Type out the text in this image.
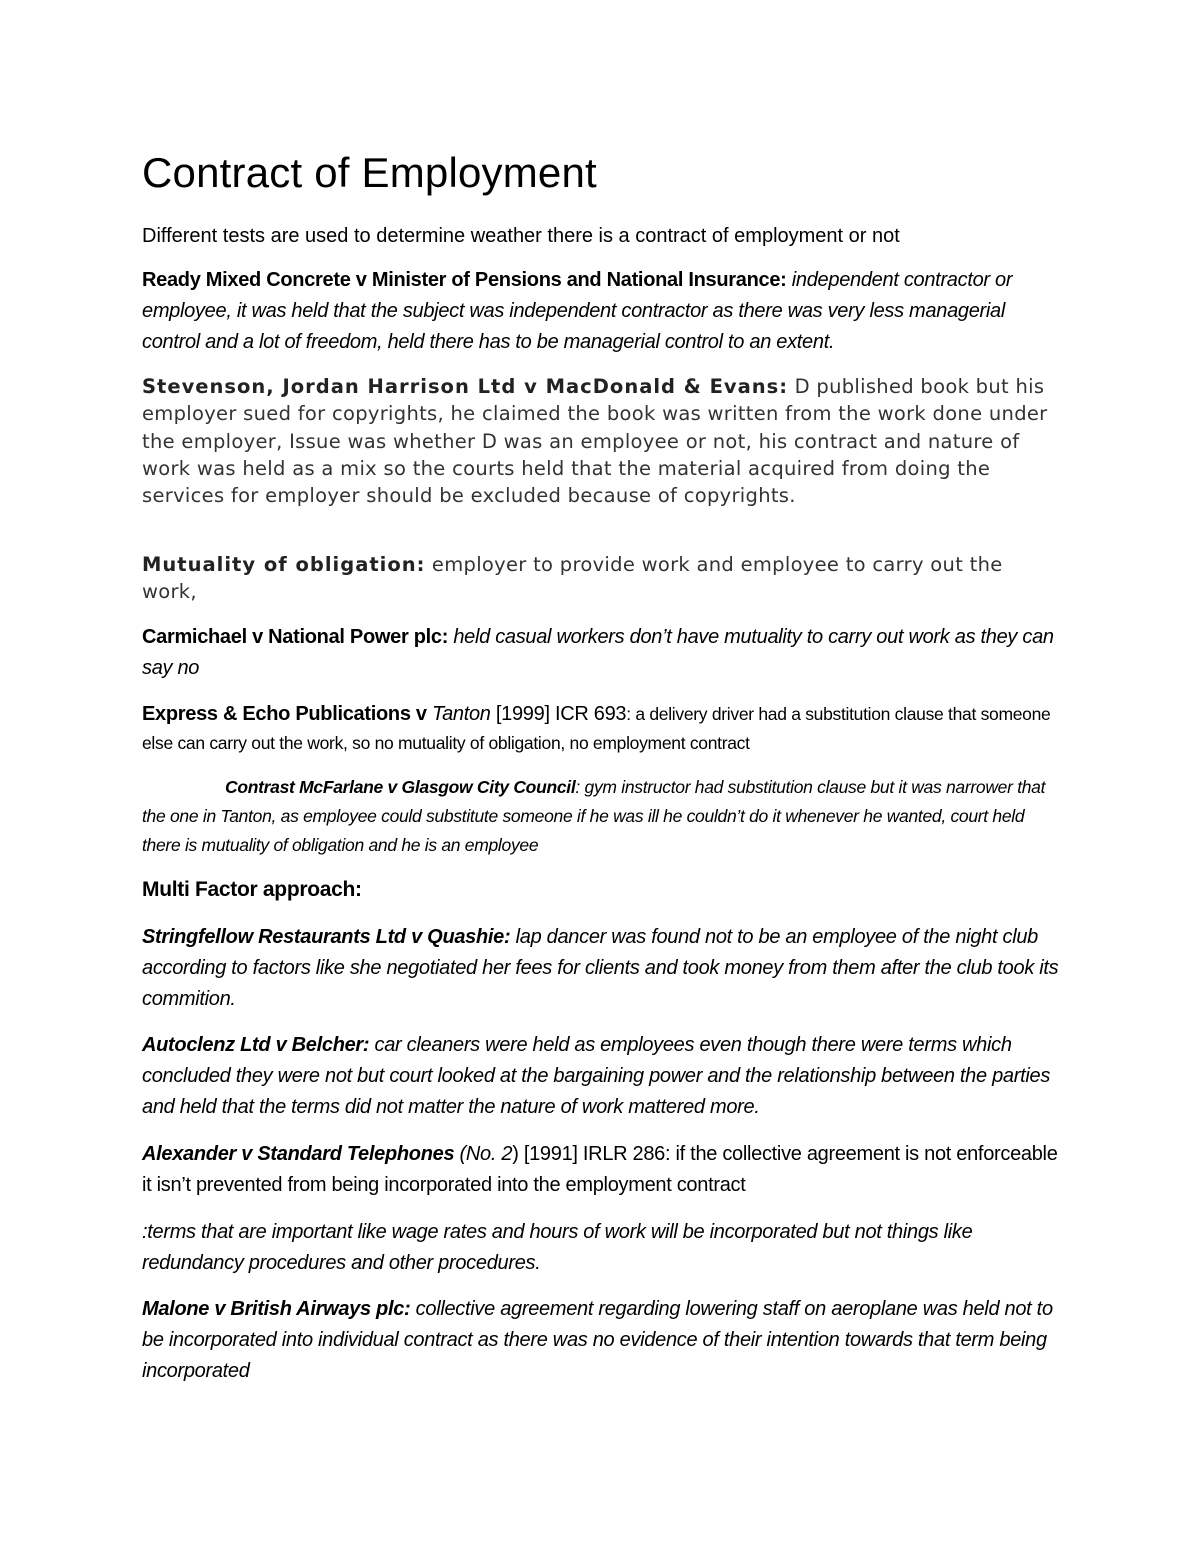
Contract of Employment

Different tests are used to determine weather there is a contract of employment or not

Ready Mixed Concrete v Minister of Pensions and National Insurance: independent contractor or employee, it was held that the subject was independent contractor as there was very less managerial control and a lot of freedom, held there has to be managerial control to an extent.

Stevenson, Jordan Harrison Ltd v MacDonald & Evans: D published book but his employer sued for copyrights, he claimed the book was written from the work done under the employer, Issue was whether D was an employee or not, his contract and nature of work was held as a mix so the courts held that the material acquired from doing the services for employer should be excluded because of copyrights.

Mutuality of obligation: employer to provide work and employee to carry out the work,

Carmichael v National Power plc: held casual workers don’t have mutuality to carry out work as they can say no

Express & Echo Publications v Tanton [1999] ICR 693: a delivery driver had a substitution clause that someone else can carry out the work, so no mutuality of obligation, no employment contract

Contrast McFarlane v Glasgow City Council: gym instructor had substitution clause but it was narrower that the one in Tanton, as employee could substitute someone if he was ill he couldn’t do it whenever he wanted, court held there is mutuality of obligation and he is an employee

Multi Factor approach:

Stringfellow Restaurants Ltd v Quashie: lap dancer was found not to be an employee of the night club according to factors like she negotiated her fees for clients and took money from them after the club took its commition.

Autoclenz Ltd v Belcher: car cleaners were held as employees even though there were terms which concluded they were not but court looked at the bargaining power and the relationship between the parties and held that the terms did not matter the nature of work mattered more.

Alexander v Standard Telephones (No. 2) [1991] IRLR 286: if the collective agreement is not enforceable it isn’t prevented from being incorporated into the employment contract

:terms that are important like wage rates and hours of work will be incorporated but not things like redundancy procedures and other procedures.

Malone v British Airways plc: collective agreement regarding lowering staff on aeroplane was held not to be incorporated into individual contract as there was no evidence of their intention towards that term being incorporated
